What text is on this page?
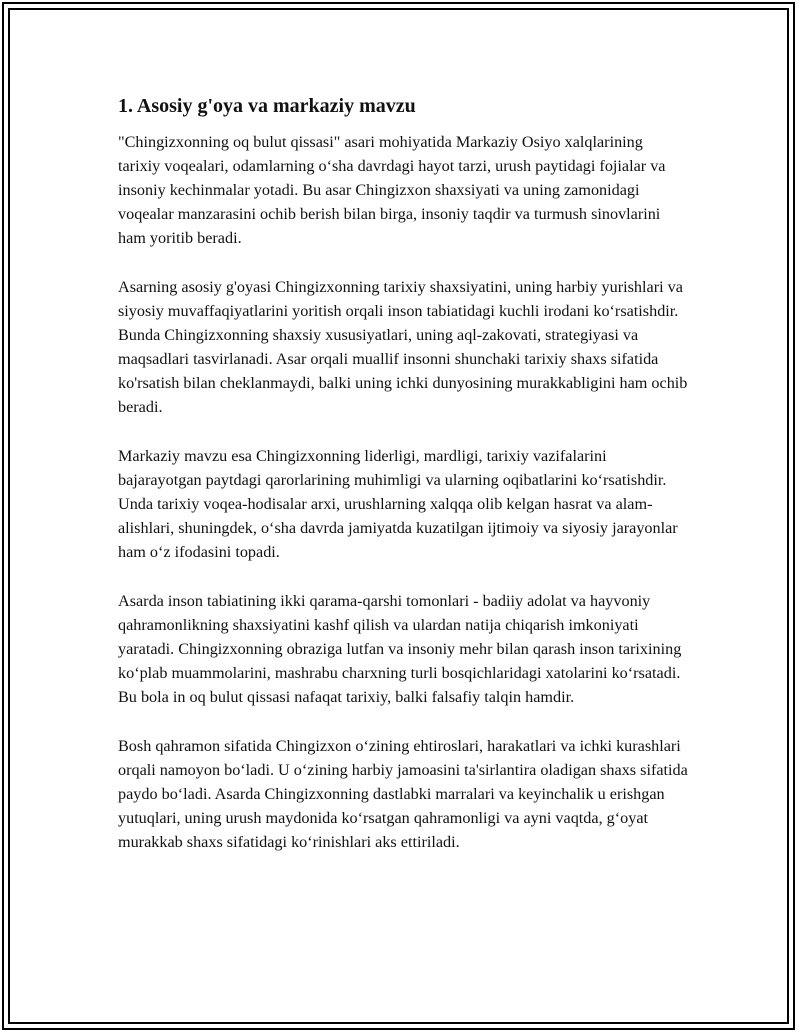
1. Asosiy g'oya va markaziy mavzu

"Chingizxonning oq bulut qissasi" asari mohiyatida Markaziy Osiyo xalqlarining tarixiy voqealari, odamlarning o‘sha davrdagi hayot tarzi, urush paytidagi fojialar va insoniy kechinmalar yotadi. Bu asar Chingizxon shaxsiyati va uning zamonidagi voqealar manzarasini ochib berish bilan birga, insoniy taqdir va turmush sinovlarini ham yoritib beradi.

Asarning asosiy g'oyasi Chingizxonning tarixiy shaxsiyatini, uning harbiy yurishlari va siyosiy muvaffaqiyatlarini yoritish orqali inson tabiatidagi kuchli irodani ko‘rsatishdir. Bunda Chingizxonning shaxsiy xususiyatlari, uning aql-zakovati, strategiyasi va maqsadlari tasvirlanadi. Asar orqali muallif insonni shunchaki tarixiy shaxs sifatida ko'rsatish bilan cheklanmaydi, balki uning ichki dunyosining murakkabligini ham ochib beradi.

Markaziy mavzu esa Chingizxonning liderligi, mardligi, tarixiy vazifalarini bajarayotgan paytdagi qarorlarining muhimligi va ularning oqibatlarini ko‘rsatishdir. Unda tarixiy voqea-hodisalar arxi, urushlarning xalqqa olib kelgan hasrat va alam-alishlari, shuningdek, o‘sha davrda jamiyatda kuzatilgan ijtimoiy va siyosiy jarayonlar ham o‘z ifodasini topadi.

Asarda inson tabiatining ikki qarama-qarshi tomonlari - badiiy adolat va hayvoniy qahramonlikning shaxsiyatini kashf qilish va ulardan natija chiqarish imkoniyati yaratadi. Chingizxonning obraziga lutfan va insoniy mehr bilan qarash inson tarixining ko‘plab muammolarini, mashrabu charxning turli bosqichlaridagi xatolarini ko‘rsatadi. Bu bola in oq bulut qissasi nafaqat tarixiy, balki falsafiy talqin hamdir.

Bosh qahramon sifatida Chingizxon o‘zining ehtiroslari, harakatlari va ichki kurashlari orqali namoyon bo‘ladi. U o‘zining harbiy jamoasini ta'sirlantira oladigan shaxs sifatida paydo bo‘ladi. Asarda Chingizxonning dastlabki marralari va keyinchalik u erishgan yutuqlari, uning urush maydonida ko‘rsatgan qahramonligi va ayni vaqtda, g‘oyat murakkab shaxs sifatidagi ko‘rinishlari aks ettiriladi.
